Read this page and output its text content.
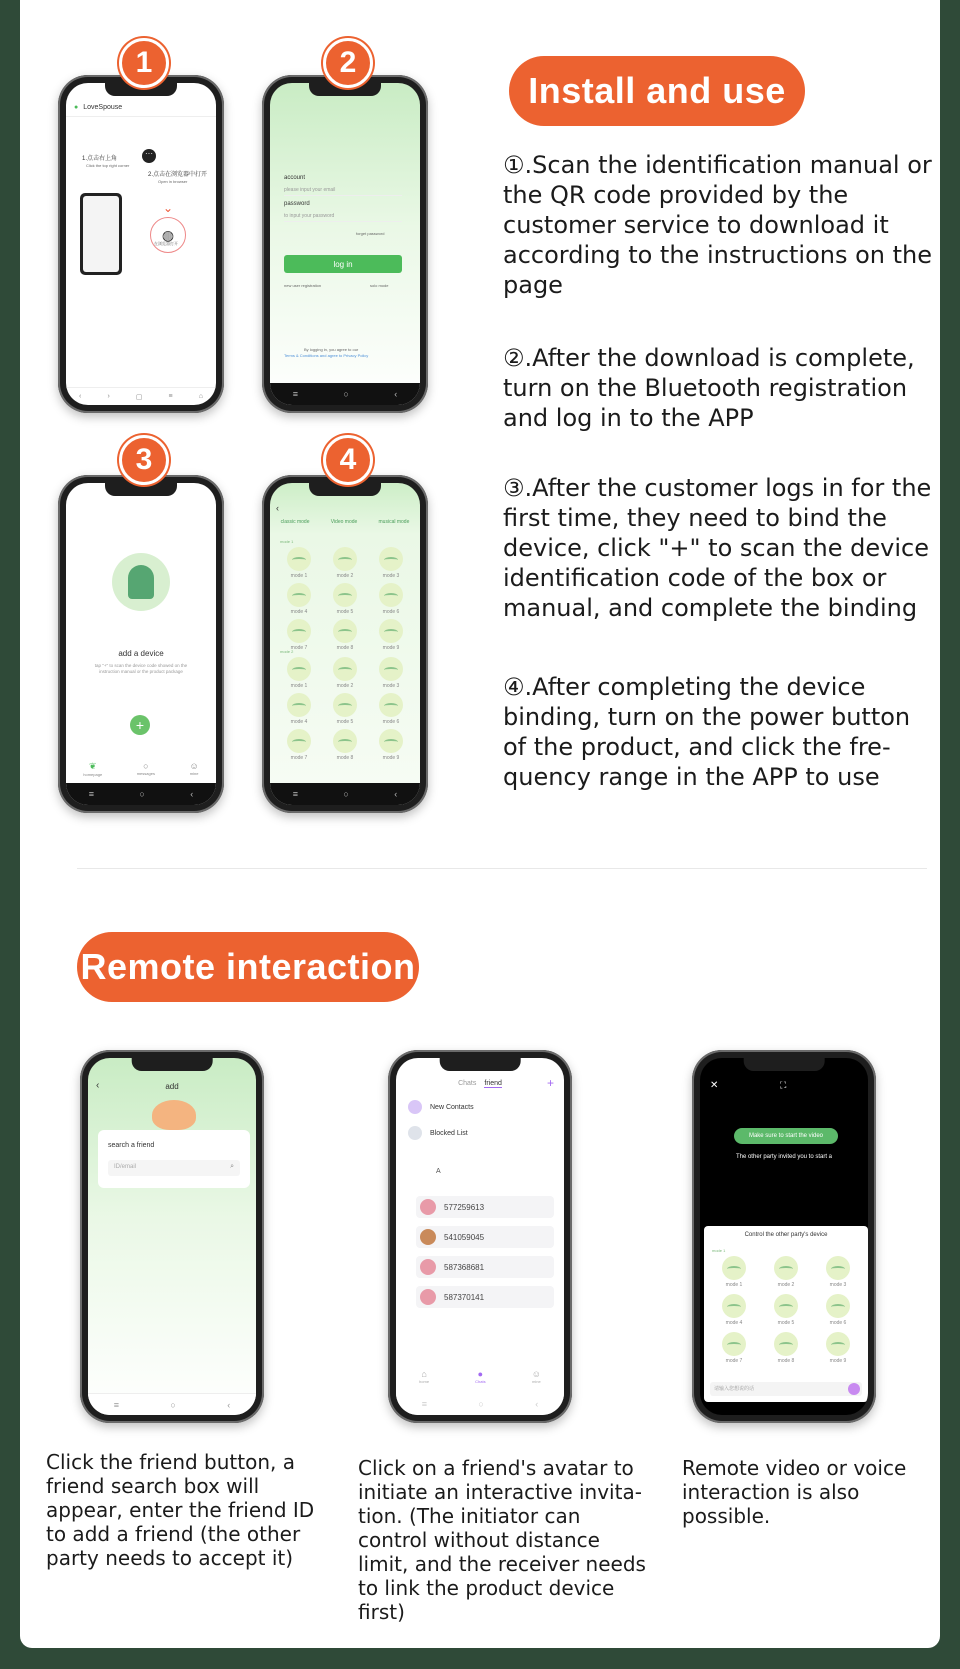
Install and use
①.Scan the identification manual or the QR code provided by the customer service to download it according to the instructions on the page
②.After the download is complete, turn on the Bluetooth registration and log in to the APP
③.After the customer logs in for the first time, they need to bind the device, click "+" to scan the device identification code of the box or manual, and complete the binding
④.After completing the device binding, turn on the power button of the product, and click the fre- quency range in the APP to use
1
● LoveSpouse
1.点击右上角
Click the top right corner
···
2.点击在浏览器中打开
Open in browser
⌄
◍
在浏览器打开
‹	›	▢	≡	⌂
2
account
please input your email
password
to input your password
forget password
log in
new user registration	solo mode
By logging in, you agree to our
Terms & Conditions and agree to Privacy Policy
≡	○	‹
3
add a device
tap "+" to scan the device code showed on the instruction manual or the product package
+
❦
homepage
○
messages
☺
mine
≡	○	‹
4
‹
classic mode	Video mode	musical mode
mode 1
mode 1	mode 2	mode 3
mode 4	mode 5	mode 6
mode 7	mode 8	mode 9
mode 2
mode 1	mode 2	mode 3
mode 4	mode 5	mode 6
mode 7	mode 8	mode 9
≡	○	‹
Remote interaction
‹	add
search a friend
ID/email	⌕
≡	○	‹
Chats friend	+
New Contacts
Blocked List
A
577259613
541059045
587368681
587370141
⌂
home
●
Chats
☺
mine
≡	○	‹
✕	⛶
Make sure to start the video
The other party invited you to start a
Control the other party's device
mode 1
mode 1	mode 2	mode 3
mode 4	mode 5	mode 6
mode 7	mode 8	mode 9
请输入您想说的话
Click the friend button, a friend search box will appear, enter the friend ID to add a friend (the other party needs to accept it)
Click on a friend's avatar to initiate an interactive invita- tion. (The initiator can control without distance limit, and the receiver needs to link the product device first)
Remote video or voice interaction is also possible.
